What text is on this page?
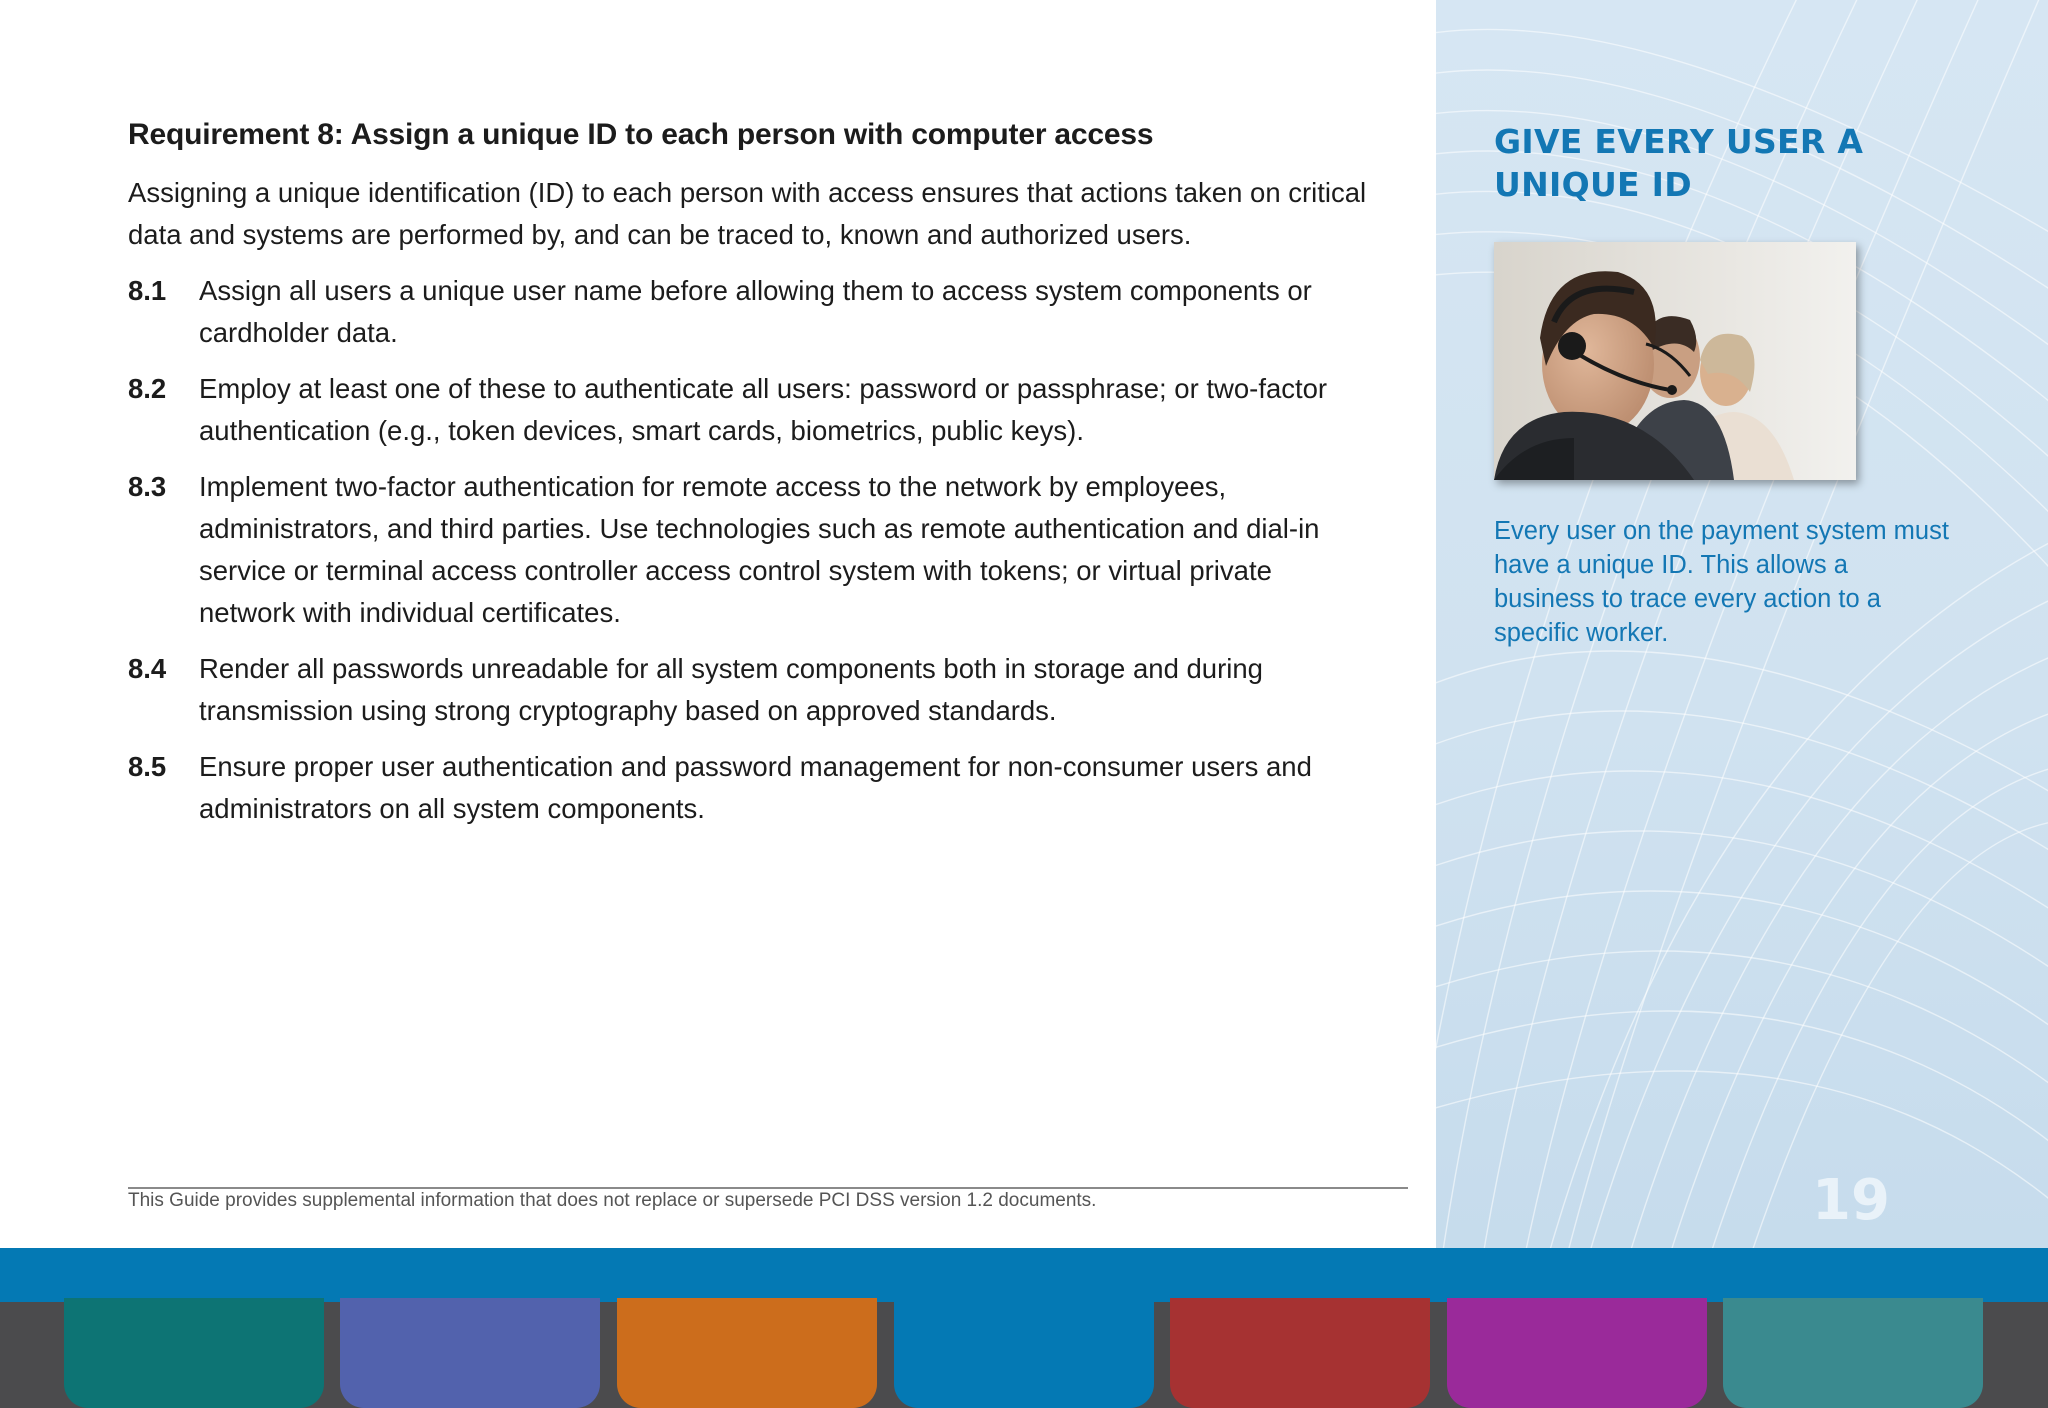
Requirement 8: Assign a unique ID to each person with computer access
Assigning a unique identification (ID) to each person with access ensures that actions taken on critical data and systems are performed by, and can be traced to, known and authorized users.
8.1	Assign all users a unique user name before allowing them to access system components or cardholder data.
8.2	Employ at least one of these to authenticate all users: password or passphrase; or two-factor authentication (e.g., token devices, smart cards, biometrics, public keys).
8.3	Implement two-factor authentication for remote access to the network by employees, administrators, and third parties. Use technologies such as remote authentication and dial-in service or terminal access controller access control system with tokens; or virtual private network with individual certificates.
8.4	Render all passwords unreadable for all system components both in storage and during transmission using strong cryptography based on approved standards.
8.5	Ensure proper user authentication and password management for non-consumer users and administrators on all system components.
This Guide provides supplemental information that does not replace or supersede PCI DSS version 1.2 documents.
GIVE EVERY USER A UNIQUE ID
Every user on the payment system must have a unique ID. This allows a business to trace every action to a specific worker.
19
